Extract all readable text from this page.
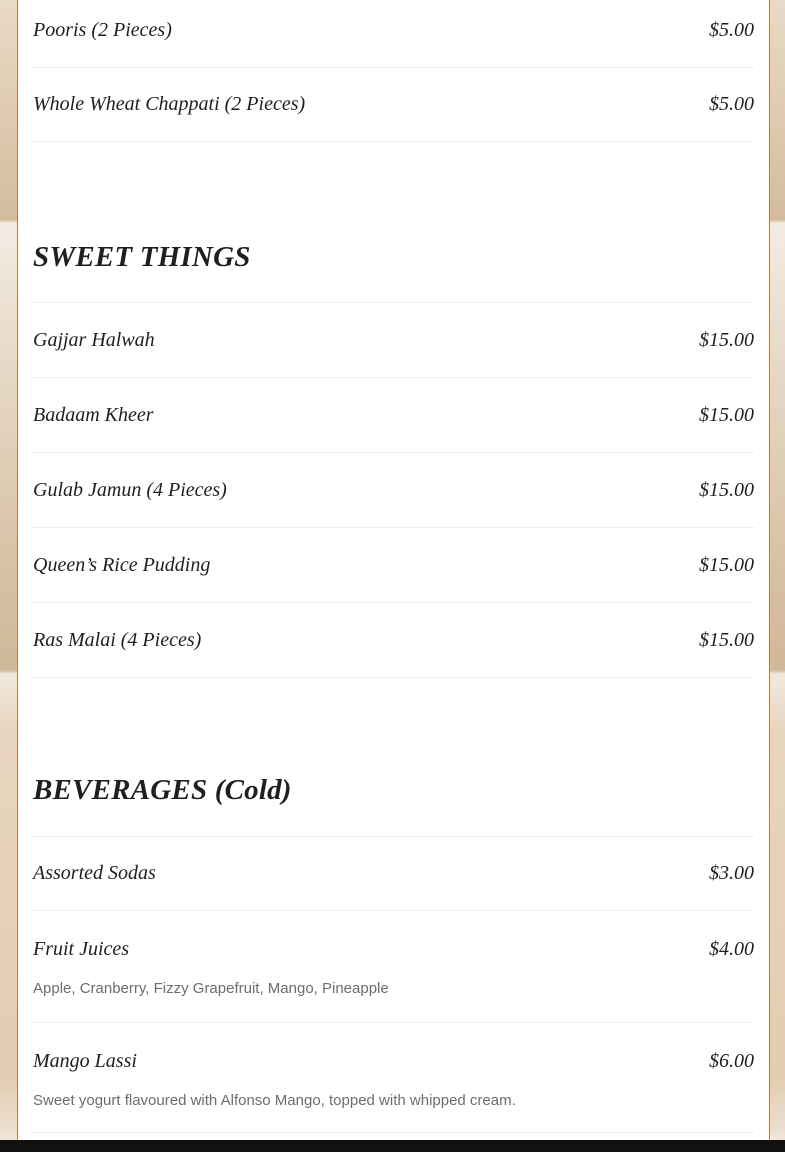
Pooris (2 Pieces)	$5.00
Whole Wheat Chappati (2 Pieces)	$5.00
SWEET THINGS
Gajjar Halwah	$15.00
Badaam Kheer	$15.00
Gulab Jamun (4 Pieces)	$15.00
Queen’s Rice Pudding	$15.00
Ras Malai (4 Pieces)	$15.00
BEVERAGES (Cold)
Assorted Sodas	$3.00
Fruit Juices	$4.00
Apple, Cranberry, Fizzy Grapefruit, Mango, Pineapple
Mango Lassi	$6.00
Sweet yogurt flavoured with Alfonso Mango, topped with whipped cream.
